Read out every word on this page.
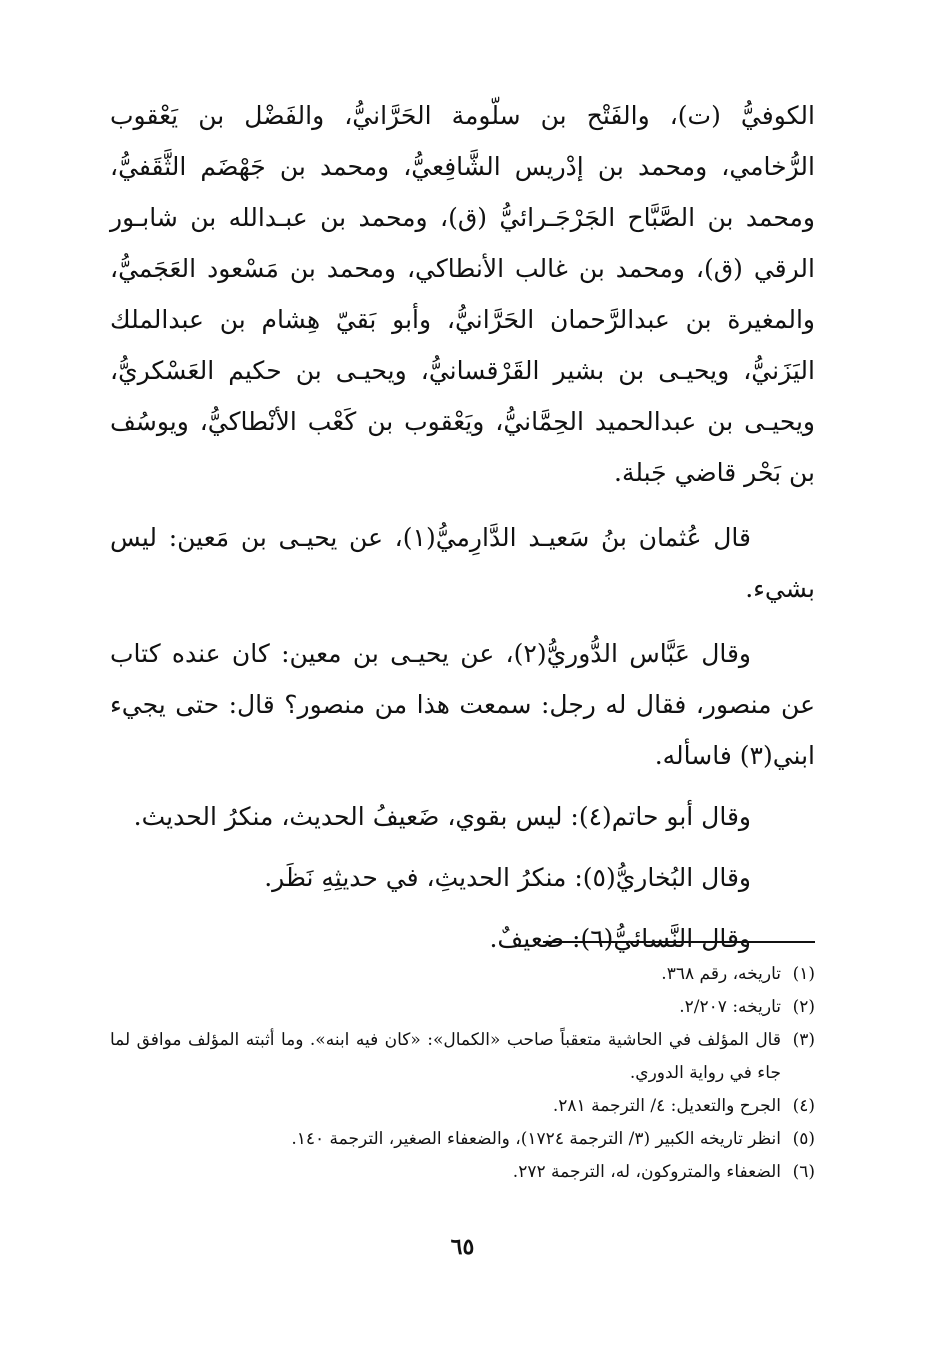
الكوفيُّ (ت)، والفَتْح بن سلّومة الحَرَّانيُّ، والفَضْل بن يَعْقوب الرُّخامي، ومحمد بن إدْريس الشَّافِعيُّ، ومحمد بن جَهْضَم الثَّقَفيُّ، ومحمد بن الصَّبَّاح الجَرْجَـرائيُّ (ق)، ومحمد بن عبـدالله بن شابـور الرقي (ق)، ومحمد بن غالب الأنطاكي، ومحمد بن مَسْعود العَجَميُّ، والمغيرة بن عبدالرَّحمان الحَرَّانيُّ، وأبو بَقيّ هِشام بن عبدالملك اليَزَنيُّ، ويحيـى بن بشير القَرْقسانيُّ، ويحيـى بن حكيم العَسْكريُّ، ويحيـى بن عبدالحميد الحِمَّانيُّ، ويَعْقوب بن كَعْب الأنْطاكيُّ، ويوسُف بن بَحْر قاضي جَبلة.

قال عُثمان بنُ سَعيـد الدَّارِميُّ(١)، عن يحيـى بن مَعين: ليس بشيء.

وقال عَبَّاس الدُّوريُّ(٢)، عن يحيـى بن معين: كان عنده كتاب عن منصور، فقال له رجل: سمعت هذا من منصور؟ قال: حتى يجيء ابني(٣) فاسأله.

وقال أبو حاتم(٤): ليس بقوي، ضَعيفُ الحديث، منكرُ الحديث.

وقال البُخاريُّ(٥): منكرُ الحديثِ، في حديثِهِ نَظَر.

وقال النَّسائيُّ(٦): ضعيفٌ.

(١)
تاريخه، رقم ٣٦٨.
(٢)
تاريخه: ٢/٢٠٧.
(٣)
قال المؤلف في الحاشية متعقباً صاحب «الكمال»: «كان فيه ابنه». وما أثبته المؤلف موافق لما جاء في رواية الدوري.
(٤)
الجرح والتعديل: ٤/ الترجمة ٢٨١.
(٥)
انظر تاريخه الكبير (٣/ الترجمة ١٧٢٤)، والضعفاء الصغير، الترجمة ١٤٠.
(٦)
الضعفاء والمتروكون، له، الترجمة ٢٧٢.
٦٥
